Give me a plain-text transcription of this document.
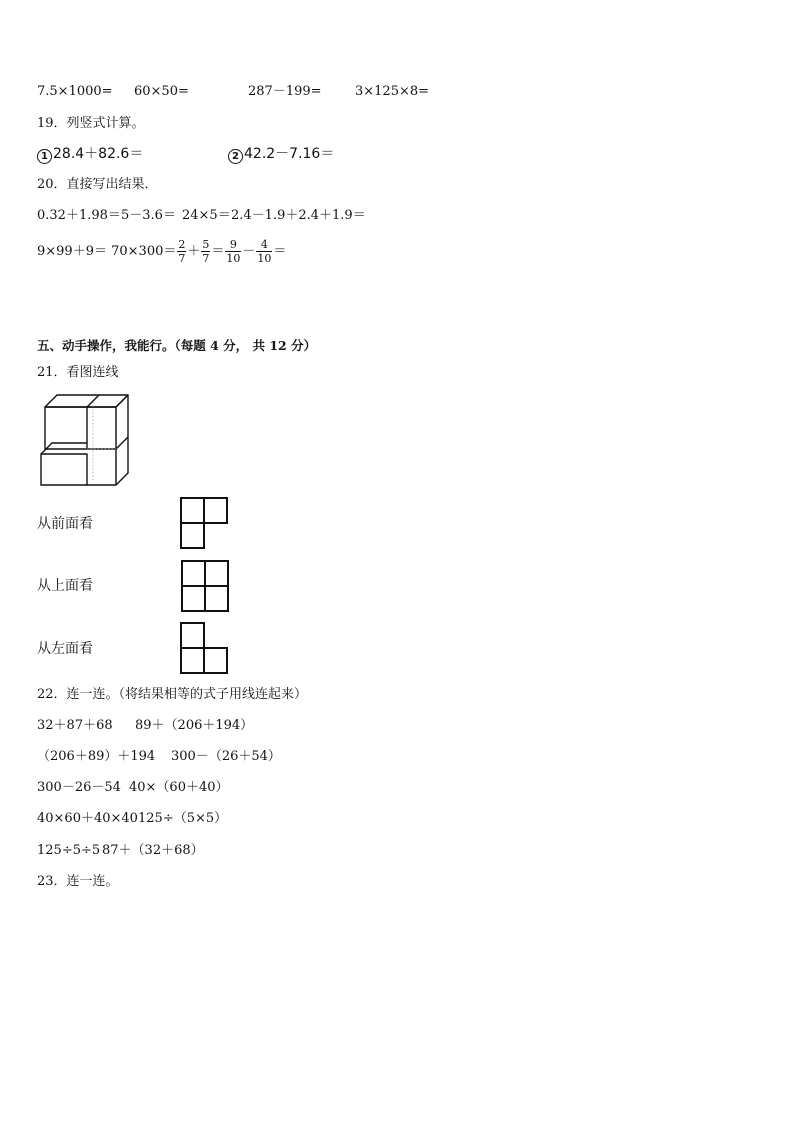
7.5×1000= 60×50=	287－199=	3×125×8=
19．列竖式计算。
1 28.4＋82.6＝	2 42.2－7.16＝
20．直接写出结果．
0.32＋1.98＝ 5－3.6＝ 24×5＝ 2.4－1.9＋2.4＋1.9＝
$9\times 99+9= 70\times 300= \frac{2}{7} + \frac{5}{7} = \frac{9}{10} - \frac{4}{10}$ ＝
五、动手操作，我能行。（每题 4 分， 共 12 分）
21．看图连线
从前面看
从上面看
从左面看
22．连一连。（将结果相等的式子用线连起来）
32＋87＋68 89＋（206＋194）
（206＋89）＋194 300－（26＋54）
300－26－54 40×（60＋40）
40×60＋40×40 125÷（5×5）
125÷5÷5 87＋（32＋68）
23．连一连。
